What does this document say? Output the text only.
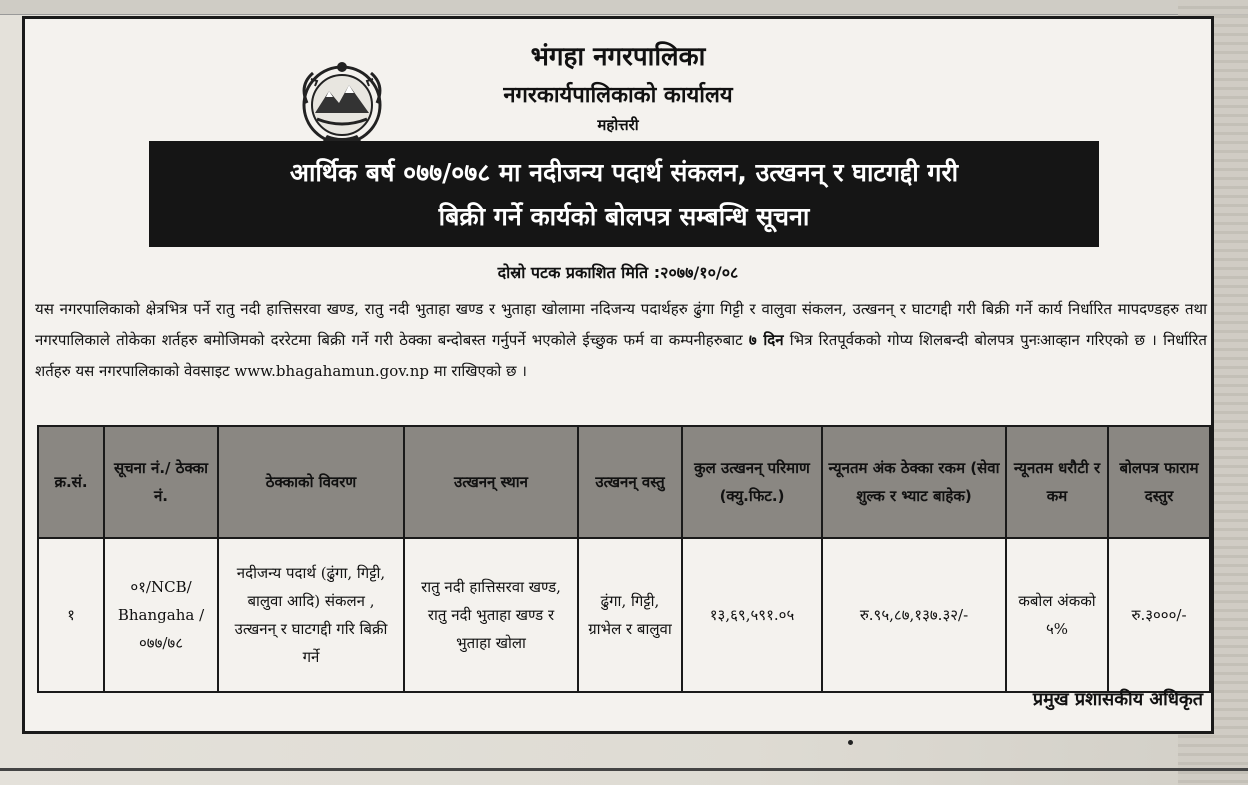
भंगहा नगरपालिका
नगरकार्यपालिकाको कार्यालय
महोत्तरी
आर्थिक बर्ष ०७७/०७८ मा नदीजन्य पदार्थ संकलन, उत्खनन् र घाटगद्दी गरी
बिक्री गर्ने कार्यको बोलपत्र सम्बन्धि सूचना
दोस्रो पटक प्रकाशित मिति :२०७७/१०/०८
यस नगरपालिकाको क्षेत्रभित्र पर्ने रातु नदी हात्तिसरवा खण्ड, रातु नदी भुताहा खण्ड र भुताहा खोलामा नदिजन्य पदार्थहरु ढुंगा गिट्टी र वालुवा संकलन, उत्खनन् र घाटगद्दी गरी बिक्री गर्ने कार्य निर्धारित मापदण्डहरु तथा नगरपालिकाले तोकेका शर्तहरु बमोजिमको दररेटमा बिक्री गर्ने गरी ठेक्का बन्दोबस्त गर्नुपर्ने भएकोले ईच्छुक फर्म वा कम्पनीहरुबाट ७ दिन भित्र रितपूर्वकको गोप्य शिलबन्दी बोलपत्र पुनःआव्हान गरिएको छ । निर्धारित शर्तहरु यस नगरपालिकाको वेवसाइट www.bhagahamun.gov.np मा राखिएको छ ।
क्र.सं.	सूचना नं./ ठेक्का नं.	ठेक्काको विवरण	उत्खनन् स्थान	उत्खनन् वस्तु	कुल उत्खनन् परिमाण (क्यु.फिट.)	न्यूनतम अंक ठेक्का रकम (सेवा शुल्क र भ्याट बाहेक)	न्यूनतम धरौटी र कम	बोलपत्र फाराम दस्तुर
१	०१/NCB/ Bhangaha /०७७/७८	नदीजन्य पदार्थ (ढुंगा, गिट्टी, बालुवा आदि) संकलन , उत्खनन् र घाटगद्दी गरि बिक्री गर्ने	रातु नदी हात्तिसरवा खण्ड, रातु नदी भुताहा खण्ड र भुताहा खोला	ढुंगा, गिट्टी, ग्राभेल र बालुवा	१३,६९,५९१.०५	रु.९५,८७,१३७.३२/-	कबोल अंकको ५%	रु.३०००/-
प्रमुख प्रशासकीय अधिकृत
